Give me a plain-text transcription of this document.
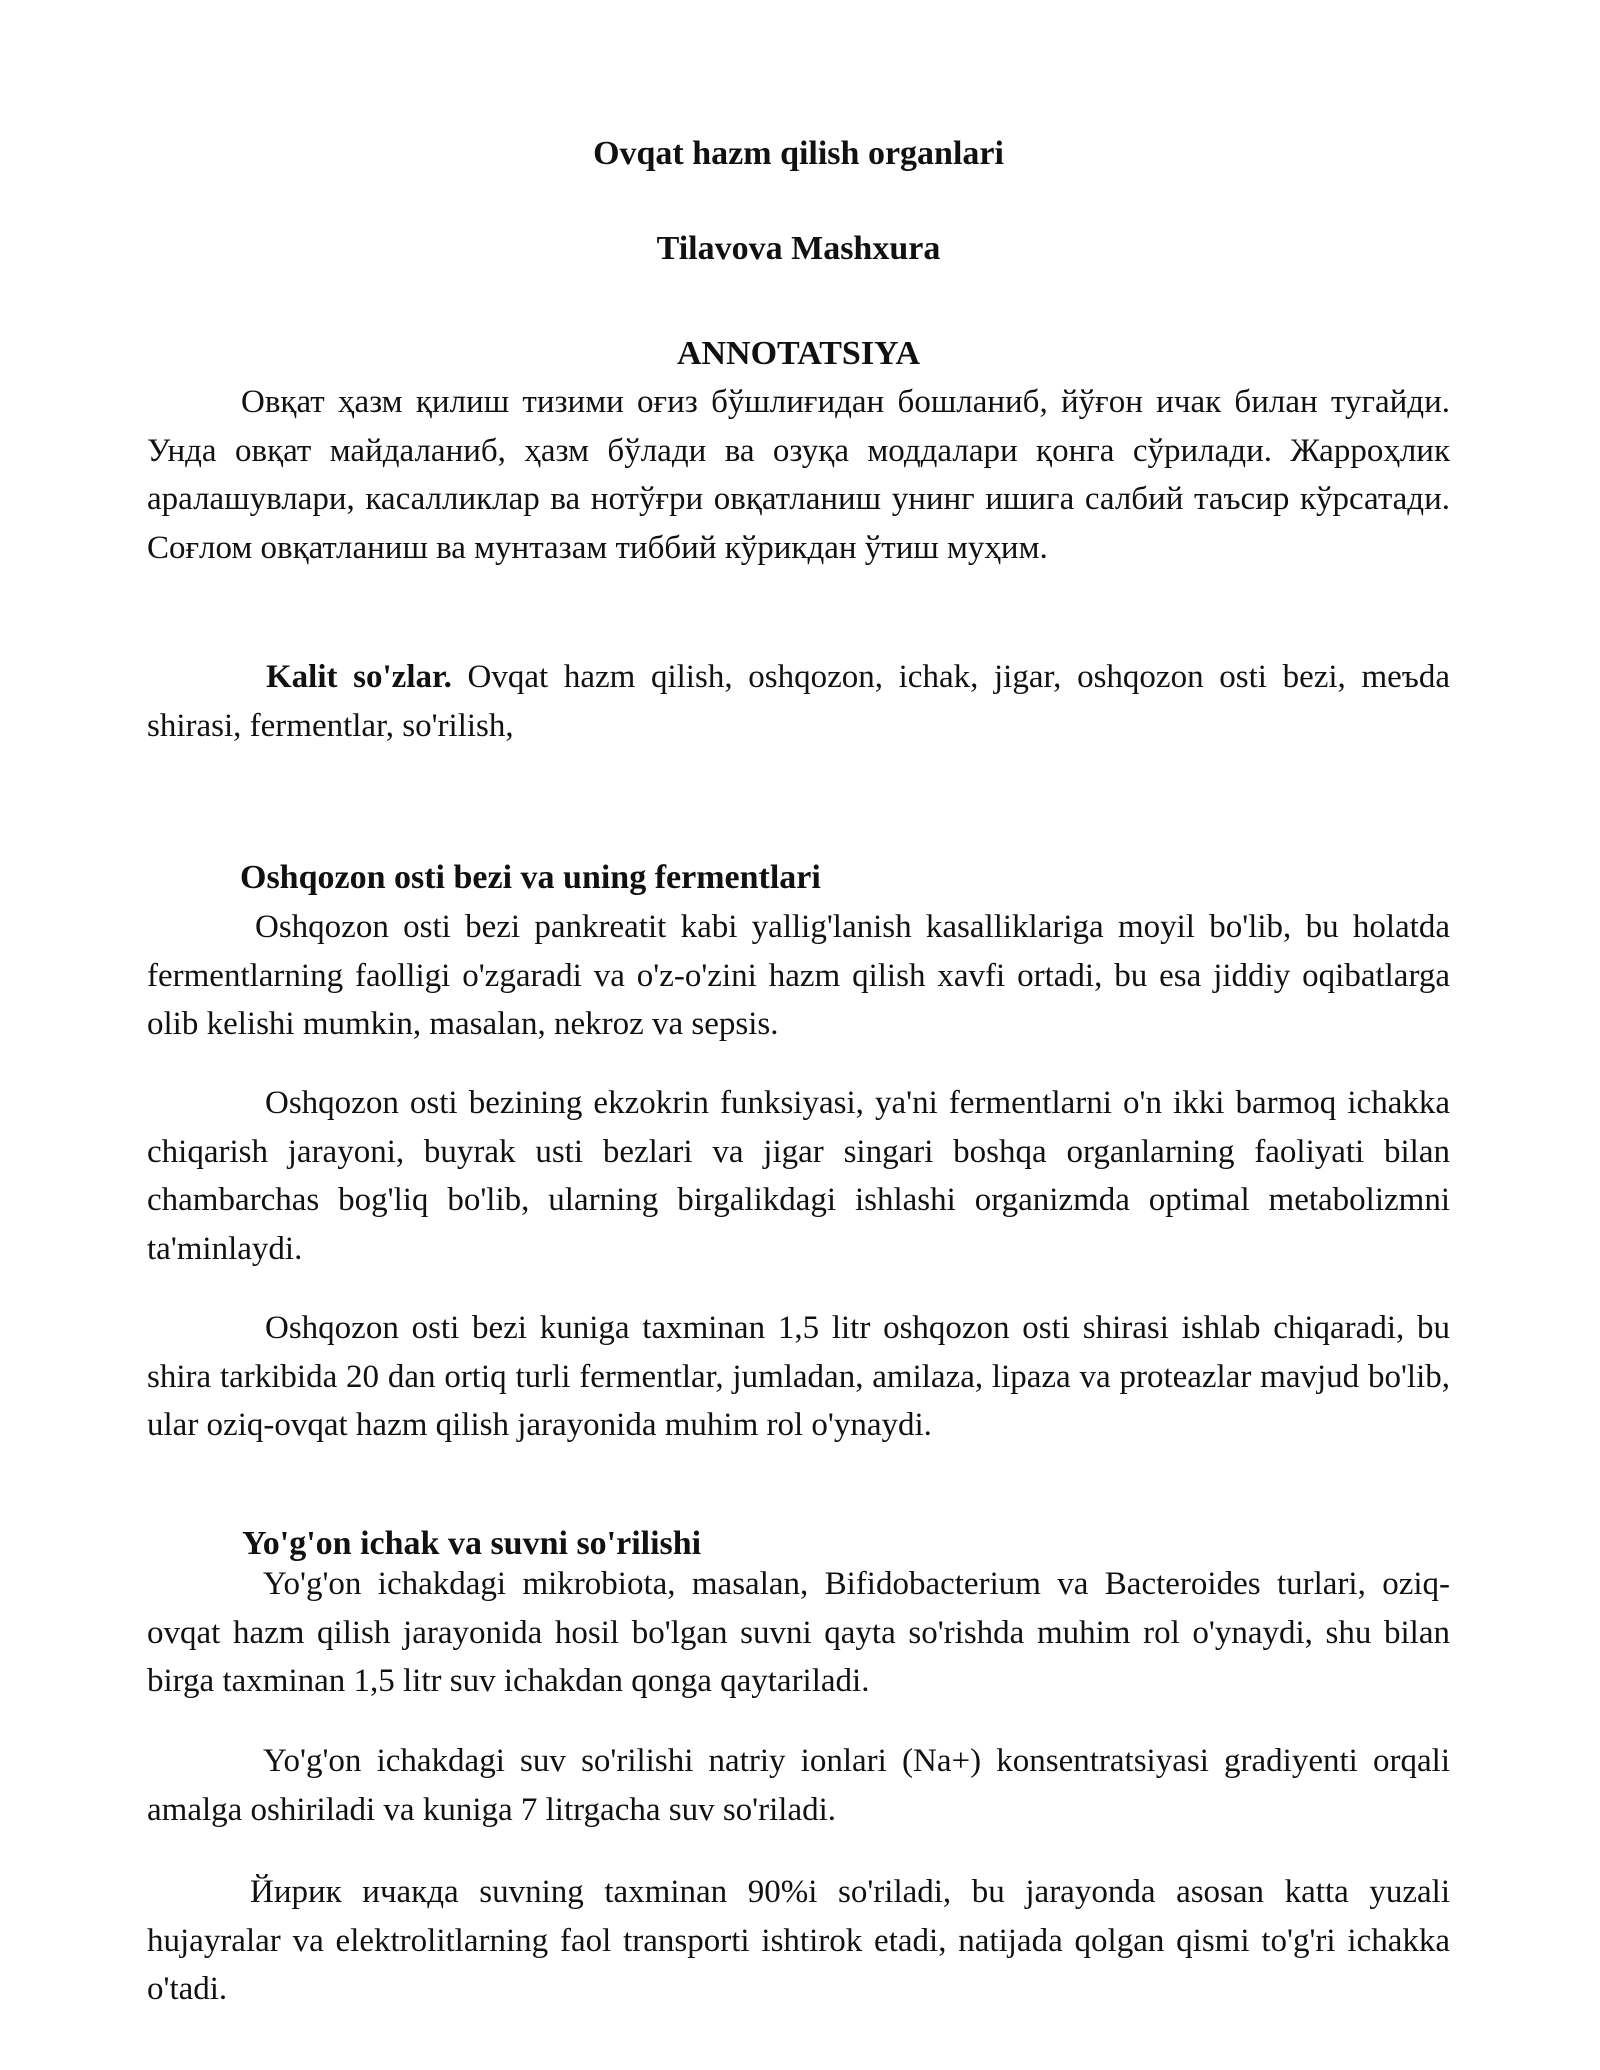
Ovqat hazm qilish organlari
Tilavova Mashxura
ANNOTATSIYA

Овқат ҳазм қилиш тизими оғиз бўшлиғидан бошланиб, йўғон ичак билан тугайди. Унда овқат майдаланиб, ҳазм бўлади ва озуқа моддалари қонга сўрилади. Жарроҳлик аралашувлари, касалликлар ва нотўғри овқатланиш унинг ишига салбий таъсир кўрсатади. Соғлом овқатланиш ва мунтазам тиббий кўрикдан ўтиш муҳим.

Kalit so'zlar. Ovqat hazm qilish, oshqozon, ichak, jigar, oshqozon osti bezi, meъda shirasi, fermentlar, so'rilish,

Oshqozon osti bezi va uning fermentlari

Oshqozon osti bezi pankreatit kabi yallig'lanish kasalliklariga moyil bo'lib, bu holatda fermentlarning faolligi o'zgaradi va o'z-o'zini hazm qilish xavfi ortadi, bu esa jiddiy oqibatlarga olib kelishi mumkin, masalan, nekroz va sepsis.

Oshqozon osti bezining ekzokrin funksiyasi, ya'ni fermentlarni o'n ikki barmoq ichakka chiqarish jarayoni, buyrak usti bezlari va jigar singari boshqa organlarning faoliyati bilan chambarchas bog'liq bo'lib, ularning birgalikdagi ishlashi organizmda optimal metabolizmni ta'minlaydi.

Oshqozon osti bezi kuniga taxminan 1,5 litr oshqozon osti shirasi ishlab chiqaradi, bu shira tarkibida 20 dan ortiq turli fermentlar, jumladan, amilaza, lipaza va proteazlar mavjud bo'lib, ular oziq-ovqat hazm qilish jarayonida muhim rol o'ynaydi.

Yo'g'on ichak va suvni so'rilishi

Yo'g'on ichakdagi mikrobiota, masalan, Bifidobacterium va Bacteroides turlari, oziq-ovqat hazm qilish jarayonida hosil bo'lgan suvni qayta so'rishda muhim rol o'ynaydi, shu bilan birga taxminan 1,5 litr suv ichakdan qonga qaytariladi.

Yo'g'on ichakdagi suv so'rilishi natriy ionlari (Na+) konsentratsiyasi gradiyenti orqali amalga oshiriladi va kuniga 7 litrgacha suv so'riladi.

Йирик ичакда suvning taxminan 90%i so'riladi, bu jarayonda asosan katta yuzali hujayralar va elektrolitlarning faol transporti ishtirok etadi, natijada qolgan qismi to'g'ri ichakka o'tadi.
